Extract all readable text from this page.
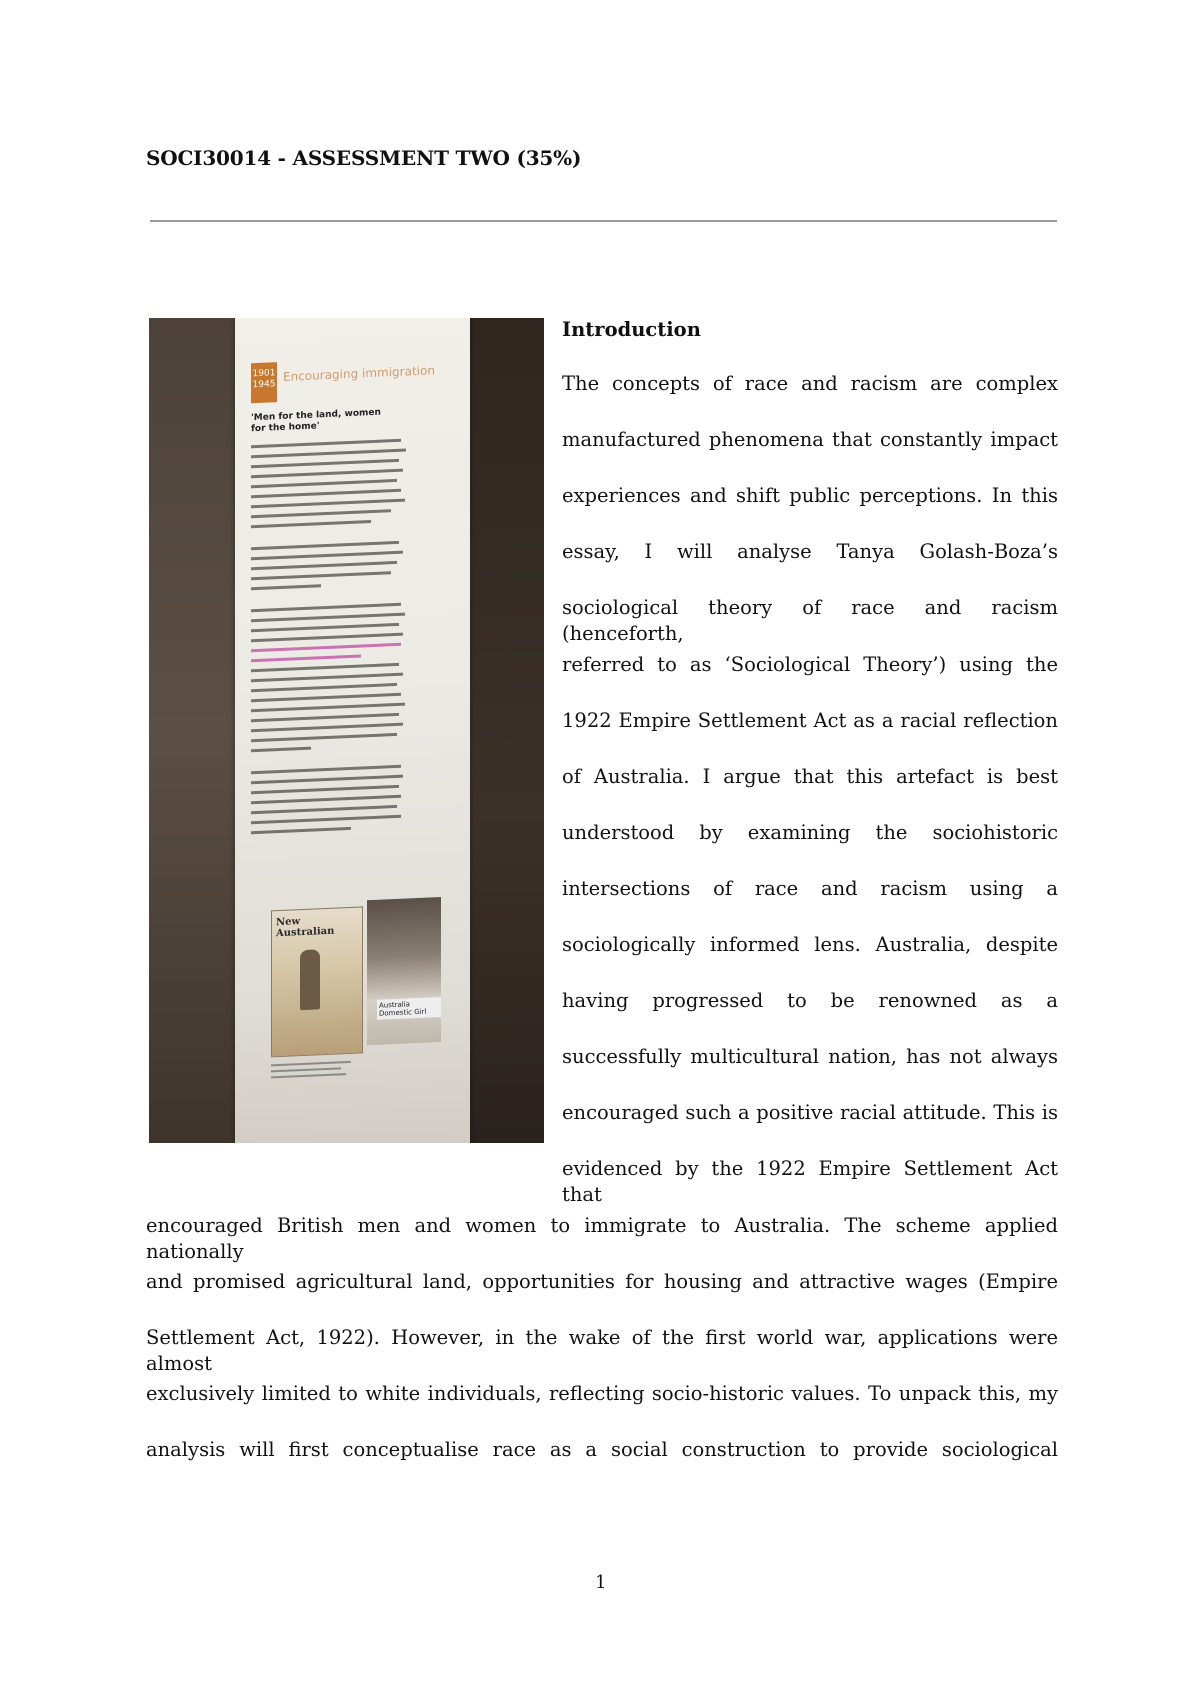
SOCI30014 - ASSESSMENT TWO (35%)
1901 1945
Encouraging immigration
'Men for the land, women for the home'
New Australian
Australia Domestic Girl
Introduction
The concepts of race and racism are complex
manufactured phenomena that constantly impact
experiences and shift public perceptions. In this
essay, I will analyse Tanya Golash-Boza’s
sociological theory of race and racism (henceforth,
referred to as ‘Sociological Theory’) using the
1922 Empire Settlement Act as a racial reflection
of Australia. I argue that this artefact is best
understood by examining the sociohistoric
intersections of race and racism using a
sociologically informed lens. Australia, despite
having progressed to be renowned as a
successfully multicultural nation, has not always
encouraged such a positive racial attitude. This is
evidenced by the 1922 Empire Settlement Act that
encouraged British men and women to immigrate to Australia. The scheme applied nationally
and promised agricultural land, opportunities for housing and attractive wages (Empire
Settlement Act, 1922). However, in the wake of the first world war, applications were almost
exclusively limited to white individuals, reflecting socio-historic values. To unpack this, my
analysis will first conceptualise race as a social construction to provide sociological
1
